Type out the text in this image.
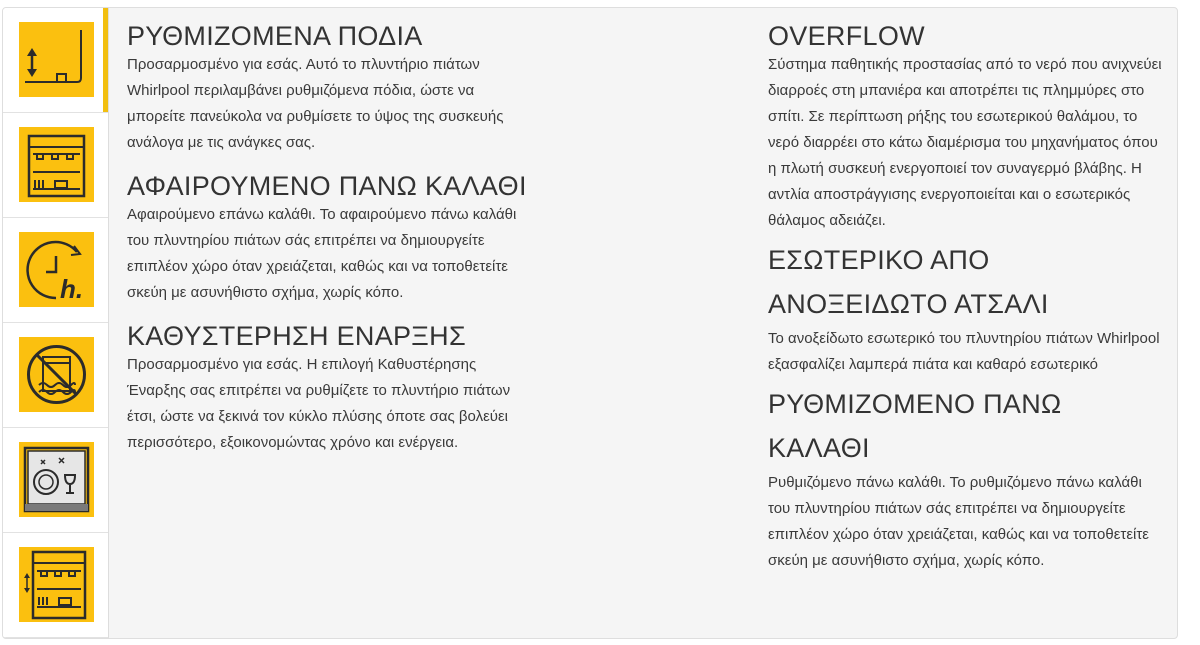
h.
ΡΥΘΜΙΖΟΜΕΝΑ ΠΟΔΙΑ

Προσαρμοσμένο για εσάς. Αυτό το πλυντήριο πιάτων Whirlpool περιλαμβάνει ρυθμιζόμενα πόδια, ώστε να μπορείτε πανεύκολα να ρυθμίσετε το ύψος της συσκευής ανάλογα με τις ανάγκες σας.

ΑΦΑΙΡΟΥΜΕΝΟ ΠΑΝΩ ΚΑΛΑΘΙ

Αφαιρούμενο επάνω καλάθι. Το αφαιρούμενο πάνω καλάθι του πλυντηρίου πιάτων σάς επιτρέπει να δημιουργείτε επιπλέον χώρο όταν χρειάζεται, καθώς και να τοποθετείτε σκεύη με ασυνήθιστο σχήμα, χωρίς κόπο.

ΚΑΘΥΣΤΕΡΗΣΗ ΕΝΑΡΞΗΣ

Προσαρμοσμένο για εσάς. Η επιλογή Καθυστέρησης Έναρξης σας επιτρέπει να ρυθμίζετε το πλυντήριο πιάτων έτσι, ώστε να ξεκινά τον κύκλο πλύσης όποτε σας βολεύει περισσότερο, εξοικονομώντας χρόνο και ενέργεια.

OVERFLOW

Σύστημα παθητικής προστασίας από το νερό που ανιχνεύει διαρροές στη μπανιέρα και αποτρέπει τις πλημμύρες στο σπίτι. Σε περίπτωση ρήξης του εσωτερικού θαλάμου, το νερό διαρρέει στο κάτω διαμέρισμα του μηχανήματος όπου η πλωτή συσκευή ενεργοποιεί τον συναγερμό βλάβης. Η αντλία αποστράγγισης ενεργοποιείται και ο εσωτερικός θάλαμος αδειάζει.

ΕΣΩΤΕΡΙΚΟ ΑΠΟ ΑΝΟΞΕΙΔΩΤΟ ΑΤΣΑΛΙ

Το ανοξείδωτο εσωτερικό του πλυντηρίου πιάτων Whirlpool εξασφαλίζει λαμπερά πιάτα και καθαρό εσωτερικό

ΡΥΘΜΙΖΟΜΕΝΟ ΠΑΝΩ ΚΑΛΑΘΙ

Ρυθμιζόμενο πάνω καλάθι. Το ρυθμιζόμενο πάνω καλάθι του πλυντηρίου πιάτων σάς επιτρέπει να δημιουργείτε επιπλέον χώρο όταν χρειάζεται, καθώς και να τοποθετείτε σκεύη με ασυνήθιστο σχήμα, χωρίς κόπο.
